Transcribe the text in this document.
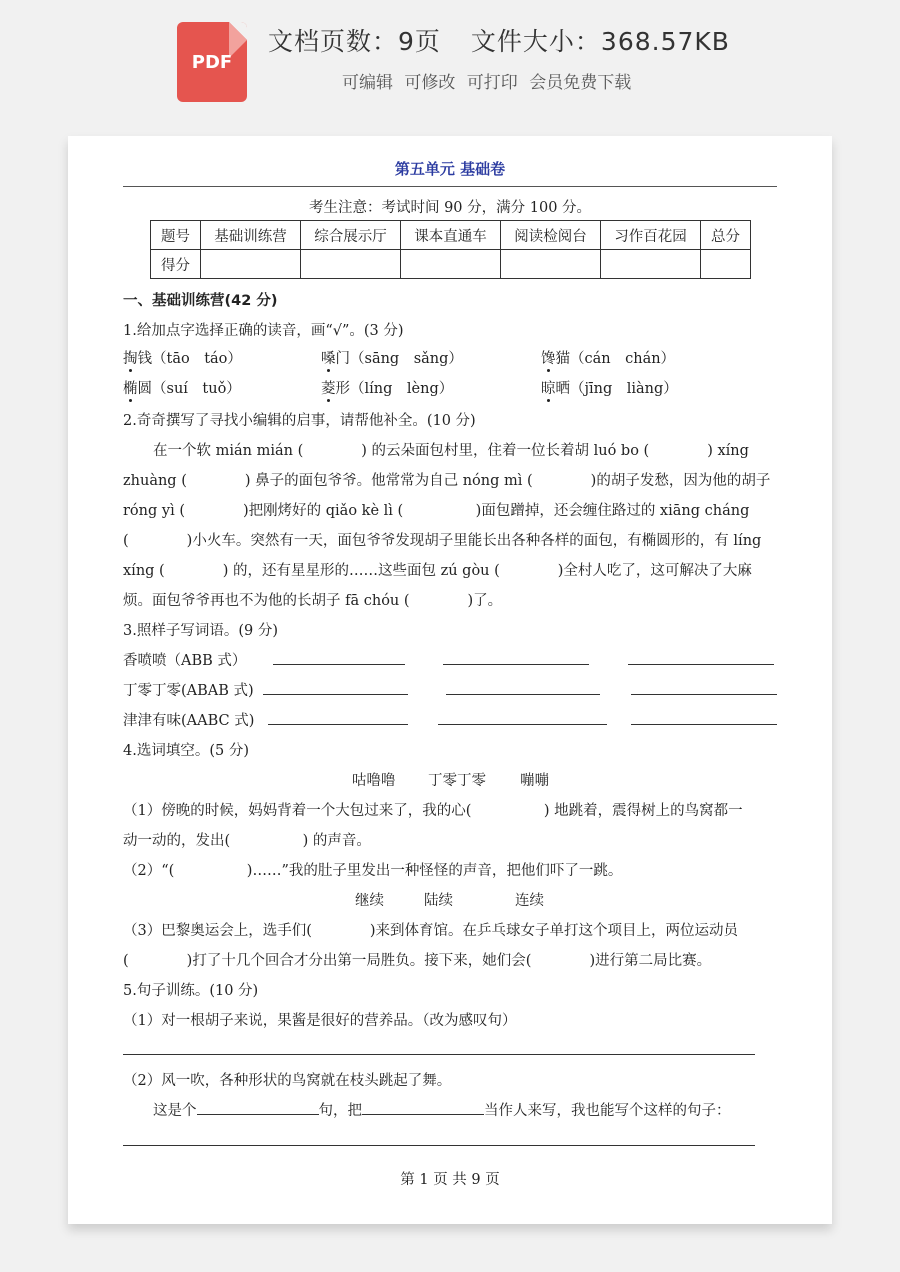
PDF
文档页数：9页 文件大小：368.57KB
可编辑 可修改 可打印 会员免费下载
第五单元 基础卷
考生注意：考试时间 90 分，满分 100 分。
题号	基础训练营	综合展示厅	课本直通车	阅读检阅台	习作百花园	总分
得分						
一、基础训练营(42 分)
1.给加点字选择正确的读音，画“√”。(3 分)
掏钱（tāo　táo）	嗓门（sāng　sǎng）	馋猫（cán　chán）
椭圆（suí　tuǒ）	菱形（líng　lèng）	晾晒（jīng　liàng）
2.奇奇撰写了寻找小编辑的启事，请帮他补全。(10 分)
在一个软 mián mián (　　　　) 的云朵面包村里，住着一位长着胡 luó bo (　　　　) xíng
zhuàng (　　　　) 鼻子的面包爷爷。他常常为自己 nóng mì (　　　　)的胡子发愁，因为他的胡子
róng yì (　　　　)把刚烤好的 qiǎo kè lì (　　　　　)面包蹭掉，还会缠住路过的 xiāng cháng
(　　　　)小火车。突然有一天，面包爷爷发现胡子里能长出各种各样的面包，有椭圆形的，有 líng
xíng (　　　　) 的，还有星星形的……这些面包 zú gòu (　　　　)全村人吃了，这可解决了大麻
烦。面包爷爷再也不为他的长胡子 fā chóu (　　　　)了。
3.照样子写词语。(9 分)
香喷喷（ABB 式）
丁零丁零(ABAB 式)
津津有味(AABC 式)
4.选词填空。(5 分)
咕噜噜 丁零丁零 嘣嘣
（1）傍晚的时候，妈妈背着一个大包过来了，我的心(　　　　　) 地跳着，震得树上的鸟窝都一
动一动的，发出(　　　　　) 的声音。
（2）“(　　　　　)……”我的肚子里发出一种怪怪的声音，把他们吓了一跳。
继续	陆续	连续
（3）巴黎奥运会上，选手们(　　　　)来到体育馆。在乒乓球女子单打这个项目上，两位运动员
(　　　　)打了十几个回合才分出第一局胜负。接下来，她们会(　　　　)进行第二局比赛。
5.句子训练。(10 分)
（1）对一根胡子来说，果酱是很好的营养品。（改为感叹句）
（2）风一吹，各种形状的鸟窝就在枝头跳起了舞。
这是个	句，把	当作人来写，我也能写个这样的句子：
第 1 页 共 9 页
